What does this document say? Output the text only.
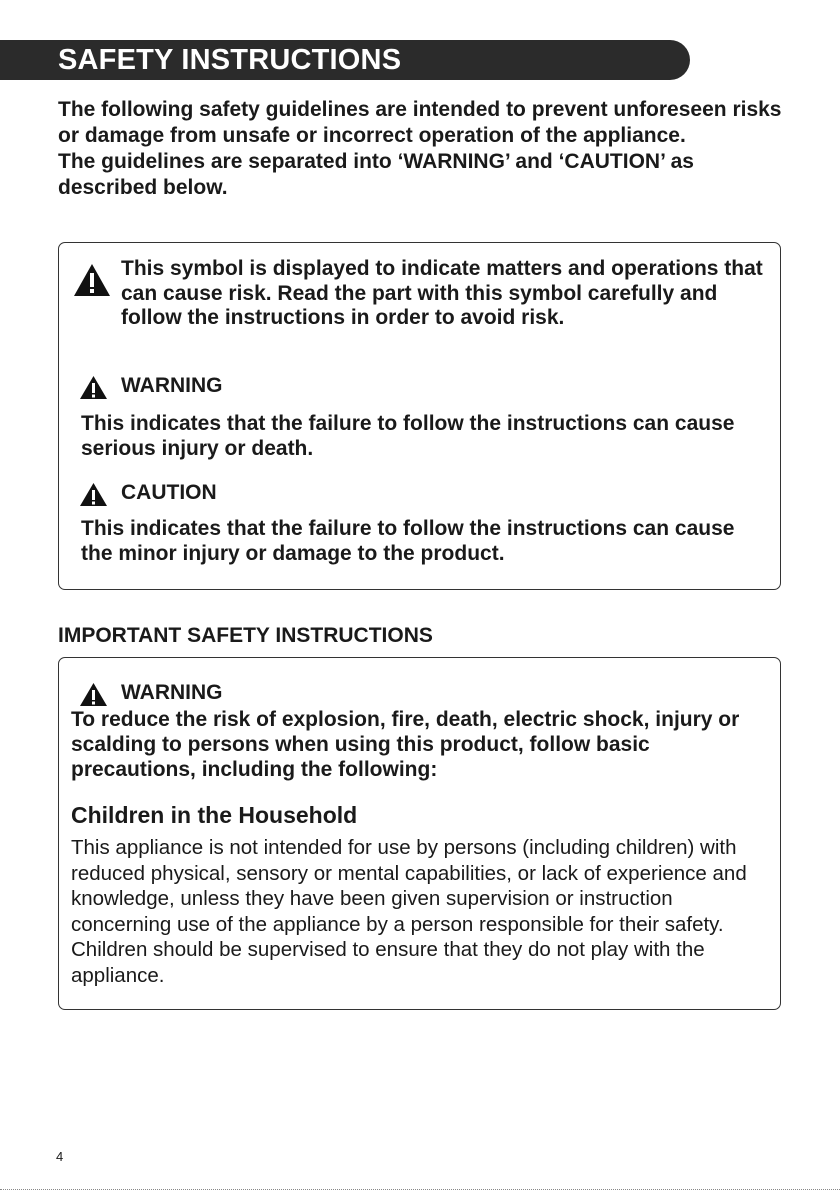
SAFETY INSTRUCTIONS

The following safety guidelines are intended to prevent unforeseen risks or damage from unsafe or incorrect operation of the appliance.

The guidelines are separated into ‘WARNING’ and ‘CAUTION’ as described below.

This symbol is displayed to indicate matters and operations that can cause risk. Read the part with this symbol carefully and follow the instructions in order to avoid risk.

WARNING

This indicates that the failure to follow the instructions can cause serious injury or death.

CAUTION

This indicates that the failure to follow the instructions can cause the minor injury or damage to the product.

IMPORTANT SAFETY INSTRUCTIONS
WARNING

To reduce the risk of explosion, fire, death, electric shock, injury or scalding to persons when using this product, follow basic precautions, including the following:

Children in the Household

This appliance is not intended for use by persons (including children) with reduced physical, sensory or mental capabilities, or lack of experience and knowledge, unless they have been given supervision or instruction concerning use of the appliance by a person responsible for their safety. Children should be supervised to ensure that they do not play with the appliance.

4
